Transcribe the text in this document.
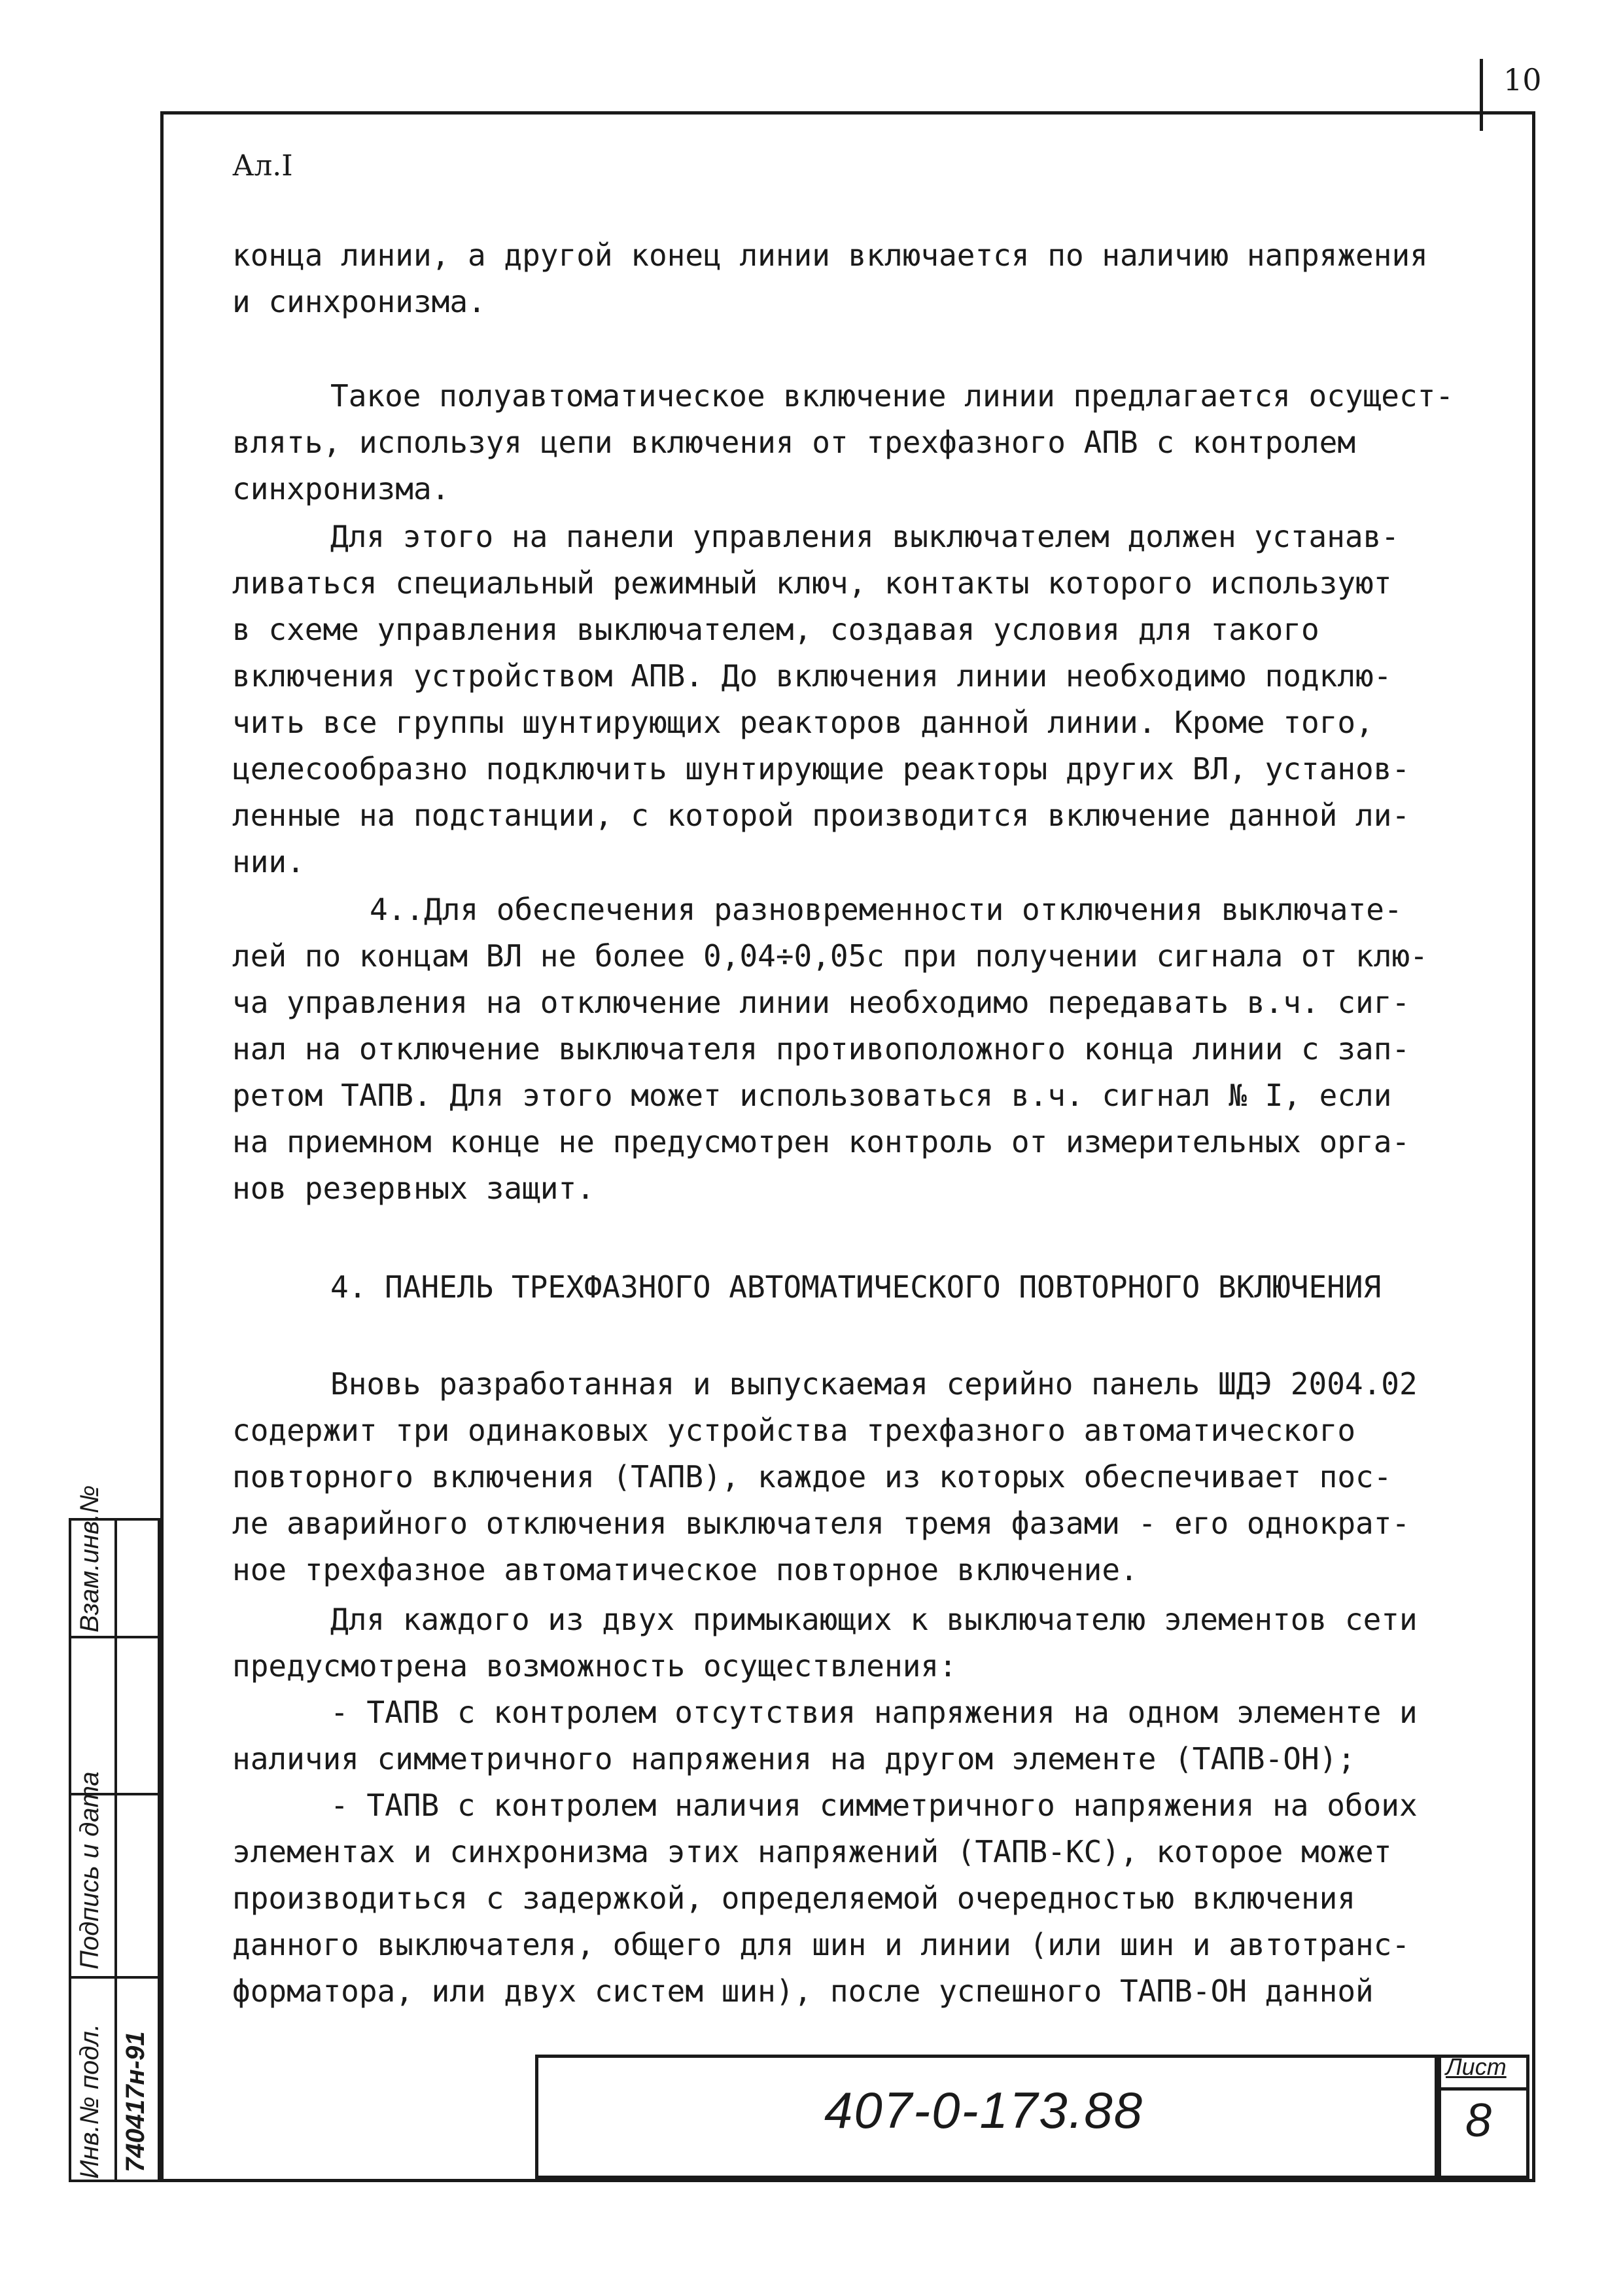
10
Взам.инв.№
Подпись и дата
Инв.№ подл. 740417н-91
Ал.I
конца линии, а другой конец линии включается по наличию напряжения
и синхронизма.
Такое полуавтоматическое включение линии предлагается осущест-
влять, используя цепи включения от трехфазного АПВ с контролем
синхронизма.
Для этого на панели управления выключателем должен устанав-
ливаться специальный режимный ключ, контакты которого используют
в схеме управления выключателем, создавая условия для такого
включения устройством АПВ. До включения линии необходимо подклю-
чить все группы шунтирующих реакторов данной линии. Кроме того,
целесообразно подключить шунтирующие реакторы других ВЛ, установ-
ленные на подстанции, с которой производится включение данной ли-
нии.
4..Для обеспечения разновременности отключения выключате-
лей по концам ВЛ не более 0,04÷0,05с при получении сигнала от клю-
ча управления на отключение линии необходимо передавать в.ч. сиг-
нал на отключение выключателя противоположного конца линии с зап-
ретом ТАПВ. Для этого может использоваться в.ч. сигнал № I, если
на приемном конце не предусмотрен контроль от измерительных орга-
нов резервных защит.
4. ПАНЕЛЬ ТРЕХФАЗНОГО АВТОМАТИЧЕСКОГО ПОВТОРНОГО ВКЛЮЧЕНИЯ
Вновь разработанная и выпускаемая серийно панель ШДЭ 2004.02
содержит три одинаковых устройства трехфазного автоматического
повторного включения (ТАПВ), каждое из которых обеспечивает пос-
ле аварийного отключения выключателя тремя фазами - его однократ-
ное трехфазное автоматическое повторное включение.
Для каждого из двух примыкающих к выключателю элементов сети
предусмотрена возможность осуществления:
- ТАПВ с контролем отсутствия напряжения на одном элементе и
наличия симметричного напряжения на другом элементе (ТАПВ-ОН);
- ТАПВ с контролем наличия симметричного напряжения на обоих
элементах и синхронизма этих напряжений (ТАПВ-КС), которое может
производиться с задержкой, определяемой очередностью включения
данного выключателя, общего для шин и линии (или шин и автотранс-
форматора, или двух систем шин), после успешного ТАПВ-ОН данной
407-0-173.88
Лист
8
